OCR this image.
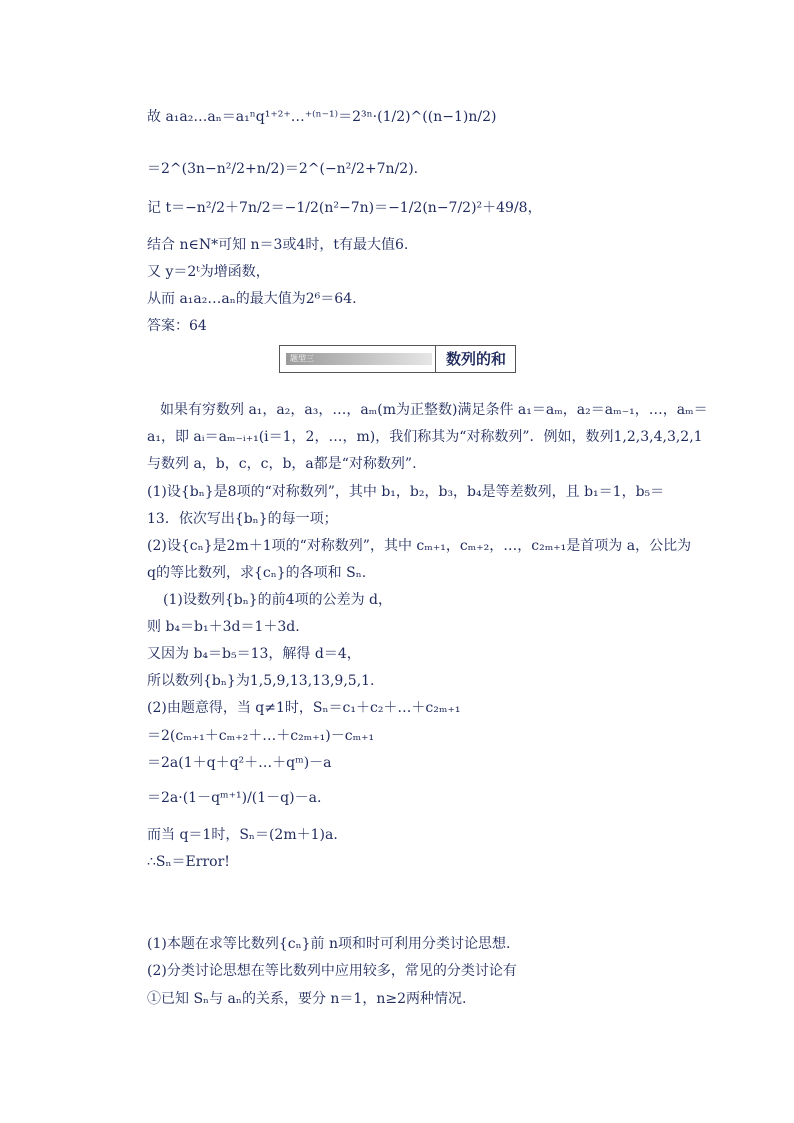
题型三	数列的和
故 a₁a₂…aₙ＝a₁ⁿq¹⁺²⁺…⁺⁽ⁿ⁻¹⁾＝2³ⁿ·(1/2)^((n−1)n/2)
＝2^(3n−n²/2+n/2)＝2^(−n²/2+7n/2).
记 t＝−n²/2＋7n/2＝−1/2(n²−7n)＝−1/2(n−7/2)²＋49/8，
结合 n∈N*可知 n＝3或4时，t有最大值6.
又 y＝2ᵗ为增函数，
从而 a₁a₂…aₙ的最大值为2⁶＝64.
答案：64
如果有穷数列 a₁，a₂，a₃，…，aₘ(m为正整数)满足条件 a₁＝aₘ，a₂＝aₘ₋₁，…，aₘ＝
a₁，即 aᵢ＝aₘ₋ᵢ₊₁(i＝1，2，…，m)，我们称其为“对称数列”．例如，数列1,2,3,4,3,2,1
与数列 a，b，c，c，b，a都是“对称数列”.
(1)设{bₙ}是8项的“对称数列”，其中 b₁，b₂，b₃，b₄是等差数列，且 b₁＝1，b₅＝
13．依次写出{bₙ}的每一项；
(2)设{cₙ}是2m＋1项的“对称数列”，其中 cₘ₊₁，cₘ₊₂，…，c₂ₘ₊₁是首项为 a，公比为
q的等比数列，求{cₙ}的各项和 Sₙ.
(1)设数列{bₙ}的前4项的公差为 d，
则 b₄＝b₁＋3d＝1＋3d.
又因为 b₄＝b₅＝13，解得 d＝4，
所以数列{bₙ}为1,5,9,13,13,9,5,1.
(2)由题意得，当 q≠1时，Sₙ＝c₁＋c₂＋…＋c₂ₘ₊₁
＝2(cₘ₊₁＋cₘ₊₂＋…＋c₂ₘ₊₁)－cₘ₊₁
＝2a(1＋q＋q²＋…＋qᵐ)－a
＝2a·(1－qᵐ⁺¹)/(1－q)－a.
而当 q＝1时，Sₙ＝(2m＋1)a.
∴Sₙ＝Error!
(1)本题在求等比数列{cₙ}前 n项和时可利用分类讨论思想.
(2)分类讨论思想在等比数列中应用较多，常见的分类讨论有
①已知 Sₙ与 aₙ的关系，要分 n＝1，n≥2两种情况.
